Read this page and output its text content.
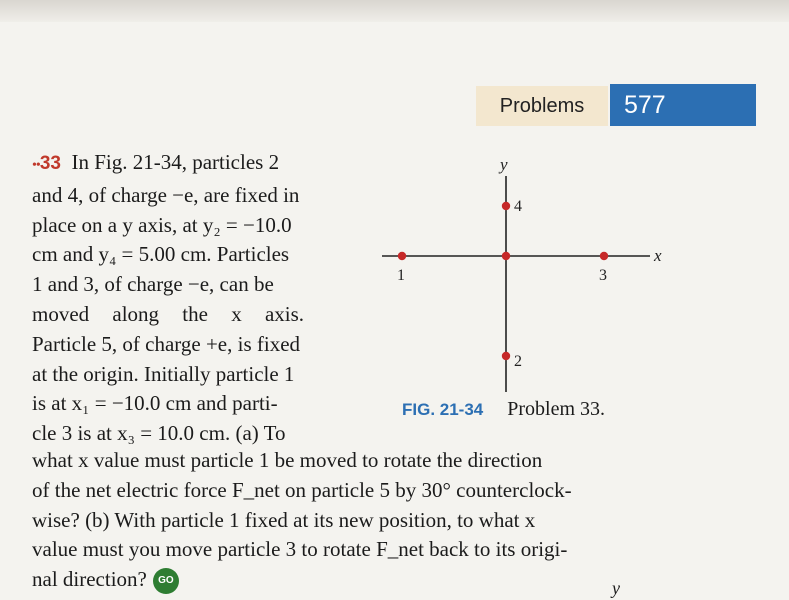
Problems 577
••33 In Fig. 21-34, particles 2
and 4, of charge −e, are fixed in
place on a y axis, at y₂ = −10.0
cm and y₄ = 5.00 cm. Particles
1 and 3, of charge −e, can be
moved along the x axis.
Particle 5, of charge +e, is fixed
at the origin. Initially particle 1
is at x₁ = −10.0 cm and parti-
cle 3 is at x₃ = 10.0 cm. (a) To
what x value must particle 1 be moved to rotate the direction
of the net electric force F_net on particle 5 by 30° counterclock-
wise? (b) With particle 1 fixed at its new position, to what x
value must you move particle 3 to rotate F_net back to its origi-
nal direction? GO
y
x
1
2
3
4
FIG. 21-34 Problem 33.
y
